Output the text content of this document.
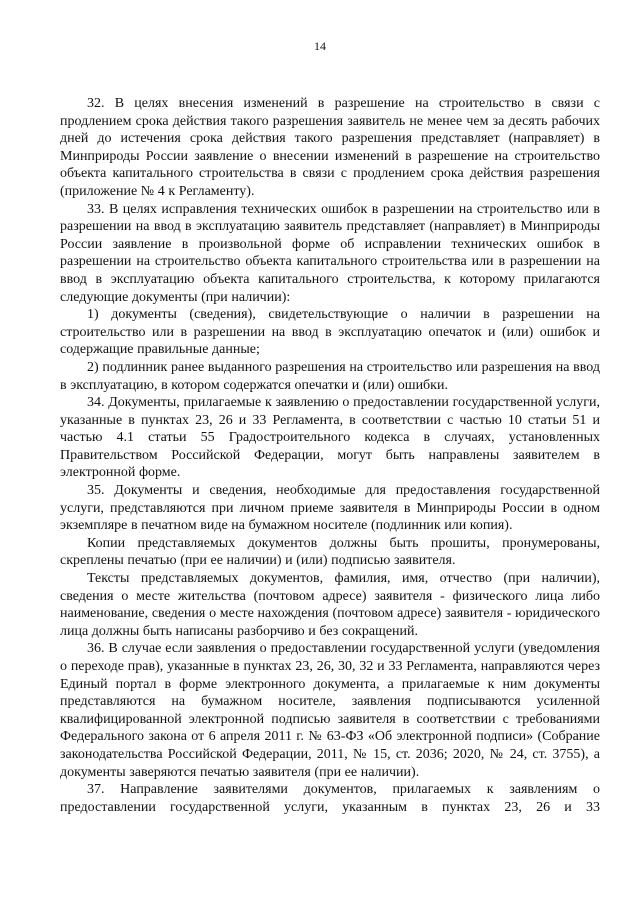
14

32. В целях внесения изменений в разрешение на строительство в связи с продлением срока действия такого разрешения заявитель не менее чем за десять рабочих дней до истечения срока действия такого разрешения представляет (направляет) в Минприроды России заявление о внесении изменений в разрешение на строительство объекта капитального строительства в связи с продлением срока действия разрешения (приложение № 4 к Регламенту).

33. В целях исправления технических ошибок в разрешении на строительство или в разрешении на ввод в эксплуатацию заявитель представляет (направляет) в Минприроды России заявление в произвольной форме об исправлении технических ошибок в разрешении на строительство объекта капитального строительства или в разрешении на ввод в эксплуатацию объекта капитального строительства, к которому прилагаются следующие документы (при наличии):

1) документы (сведения), свидетельствующие о наличии в разрешении на строительство или в разрешении на ввод в эксплуатацию опечаток и (или) ошибок и содержащие правильные данные;

2) подлинник ранее выданного разрешения на строительство или разрешения на ввод в эксплуатацию, в котором содержатся опечатки и (или) ошибки.

34. Документы, прилагаемые к заявлению о предоставлении государственной услуги, указанные в пунктах 23, 26 и 33 Регламента, в соответствии с частью 10 статьи 51 и частью 4.1 статьи 55 Градостроительного кодекса в случаях, установленных Правительством Российской Федерации, могут быть направлены заявителем в электронной форме.

35. Документы и сведения, необходимые для предоставления государственной услуги, представляются при личном приеме заявителя в Минприроды России в одном экземпляре в печатном виде на бумажном носителе (подлинник или копия).

Копии представляемых документов должны быть прошиты, пронумерованы, скреплены печатью (при ее наличии) и (или) подписью заявителя.

Тексты представляемых документов, фамилия, имя, отчество (при наличии), сведения о месте жительства (почтовом адресе) заявителя - физического лица либо наименование, сведения о месте нахождения (почтовом адресе) заявителя - юридического лица должны быть написаны разборчиво и без сокращений.

36. В случае если заявления о предоставлении государственной услуги (уведомления о переходе прав), указанные в пунктах 23, 26, 30, 32 и 33 Регламента, направляются через Единый портал в форме электронного документа, а прилагаемые к ним документы представляются на бумажном носителе, заявления подписываются усиленной квалифицированной электронной подписью заявителя в соответствии с требованиями Федерального закона от 6 апреля 2011 г. № 63-ФЗ «Об электронной подписи» (Собрание законодательства Российской Федерации, 2011, № 15, ст. 2036; 2020, № 24, ст. 3755), а документы заверяются печатью заявителя (при ее наличии).

37. Направление заявителями документов, прилагаемых к заявлениям о предоставлении государственной услуги, указанным в пунктах 23, 26 и 33
